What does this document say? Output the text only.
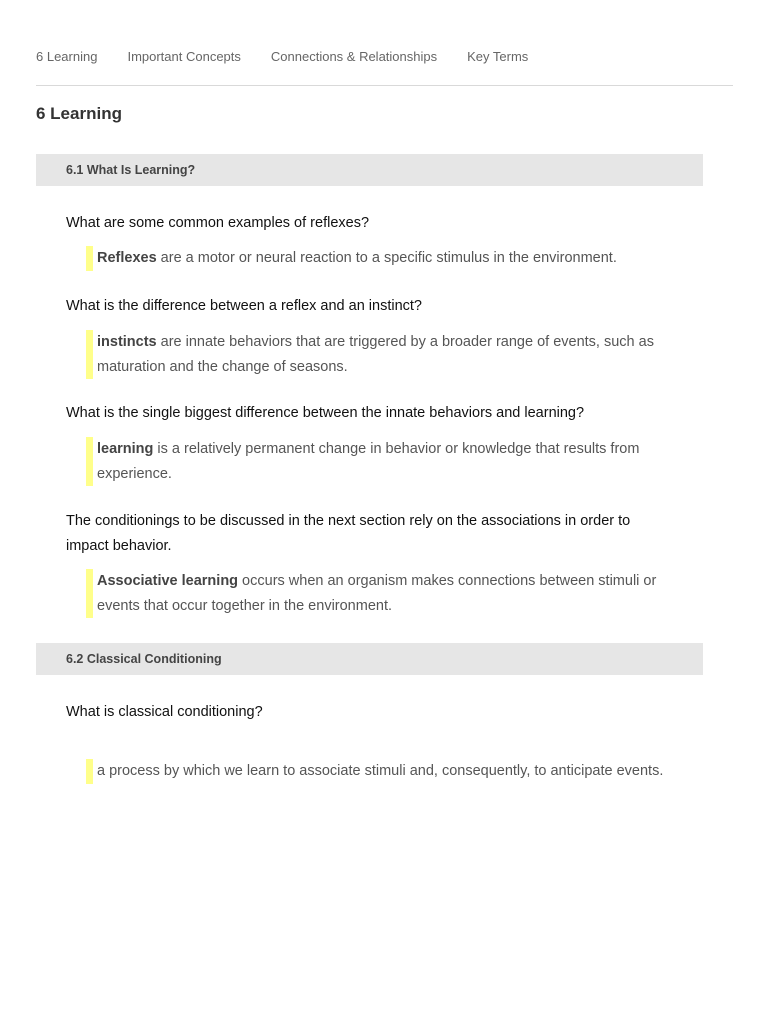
6 Learning Important Concepts Connections & Relationships Key Terms
6 Learning
6.1 What Is Learning?

What are some common examples of reflexes?

Reflexes are a motor or neural reaction to a specific stimulus in the environment.

What is the difference between a reflex and an instinct?

instincts are innate behaviors that are triggered by a broader range of events, such as maturation and the change of seasons.

What is the single biggest difference between the innate behaviors and learning?

learning is a relatively permanent change in behavior or knowledge that results from experience.

The conditionings to be discussed in the next section rely on the associations in order to impact behavior.

Associative learning occurs when an organism makes connections between stimuli or events that occur together in the environment.
6.2 Classical Conditioning

What is classical conditioning?

a process by which we learn to associate stimuli and, consequently, to anticipate events.
